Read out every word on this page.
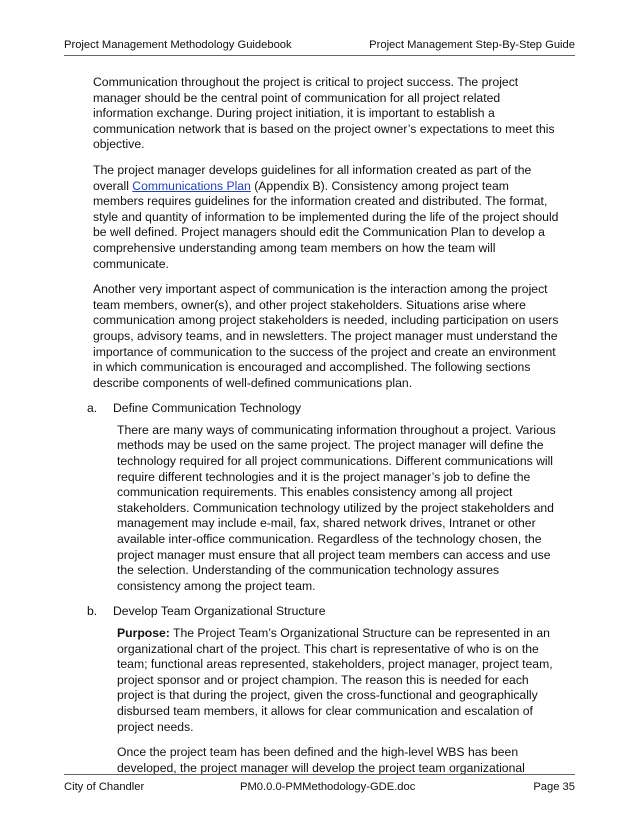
Project Management Methodology Guidebook	Project Management Step-By-Step Guide

Communication throughout the project is critical to project success. The project manager should be the central point of communication for all project related information exchange. During project initiation, it is important to establish a communication network that is based on the project owner’s expectations to meet this objective.

The project manager develops guidelines for all information created as part of the overall Communications Plan (Appendix B). Consistency among project team members requires guidelines for the information created and distributed. The format, style and quantity of information to be implemented during the life of the project should be well defined. Project managers should edit the Communication Plan to develop a comprehensive understanding among team members on how the team will communicate.

Another very important aspect of communication is the interaction among the project team members, owner(s), and other project stakeholders. Situations arise where communication among project stakeholders is needed, including participation on users groups, advisory teams, and in newsletters. The project manager must understand the importance of communication to the success of the project and create an environment in which communication is encouraged and accomplished. The following sections describe components of well-defined communications plan.

a.	Define Communication Technology

There are many ways of communicating information throughout a project. Various methods may be used on the same project. The project manager will define the technology required for all project communications. Different communications will require different technologies and it is the project manager’s job to define the communication requirements. This enables consistency among all project stakeholders. Communication technology utilized by the project stakeholders and management may include e-mail, fax, shared network drives, Intranet or other available inter-office communication. Regardless of the technology chosen, the project manager must ensure that all project team members can access and use the selection. Understanding of the communication technology assures consistency among the project team.

b.	Develop Team Organizational Structure

Purpose: The Project Team’s Organizational Structure can be represented in an organizational chart of the project. This chart is representative of who is on the team; functional areas represented, stakeholders, project manager, project team, project sponsor and or project champion. The reason this is needed for each project is that during the project, given the cross-functional and geographically disbursed team members, it allows for clear communication and escalation of project needs.

Once the project team has been defined and the high-level WBS has been developed, the project manager will develop the project team organizational

City of Chandler	PM0.0.0-PMMethodology-GDE.doc	Page 35
